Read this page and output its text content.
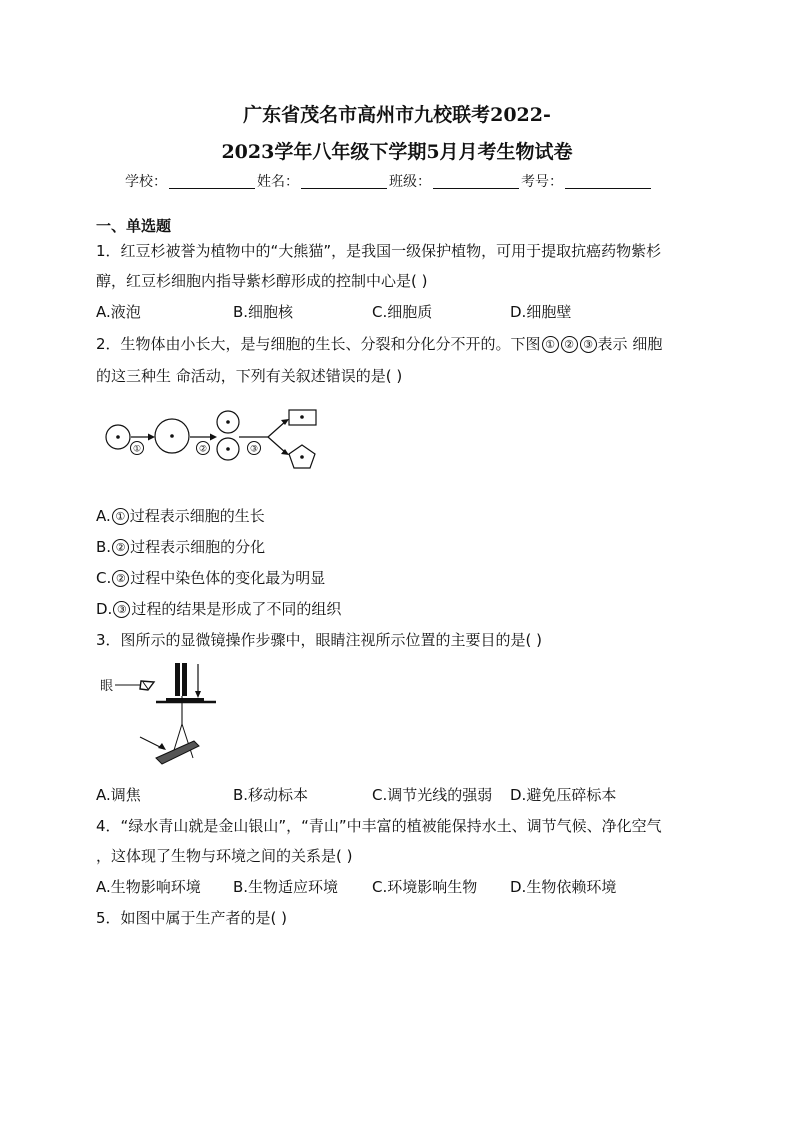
广东省茂名市高州市九校联考2022-
2023学年八年级下学期5月月考生物试卷
学校：	姓名：	班级：	考号：
一、单选题
1．红豆杉被誉为植物中的“大熊猫”，是我国一级保护植物，可用于提取抗癌药物紫杉
醇，红豆杉细胞内指导紫杉醇形成的控制中心是( )
A.液泡	B.细胞核	C.细胞质	D.细胞壁
2．生物体由小长大，是与细胞的生长、分裂和分化分不开的。下图 ① ② ③ 表示 细胞
的这三种生 命活动，下列有关叙述错误的是( )
①	②	③
A. ① 过程表示细胞的生长
B. ② 过程表示细胞的分化
C. ② 过程中染色体的变化最为明显
D. ③ 过程的结果是形成了不同的组织
3．图所示的显微镜操作步骤中，眼睛注视所示位置的主要目的是( )
眼
A.调焦	B.移动标本	C.调节光线的强弱	D.避免压碎标本
4．“绿水青山就是金山银山”，“青山”中丰富的植被能保持水土、调节气候、净化空气
，这体现了生物与环境之间的关系是( )
A.生物影响环境	B.生物适应环境	C.环境影响生物	D.生物依赖环境
5．如图中属于生产者的是( )
